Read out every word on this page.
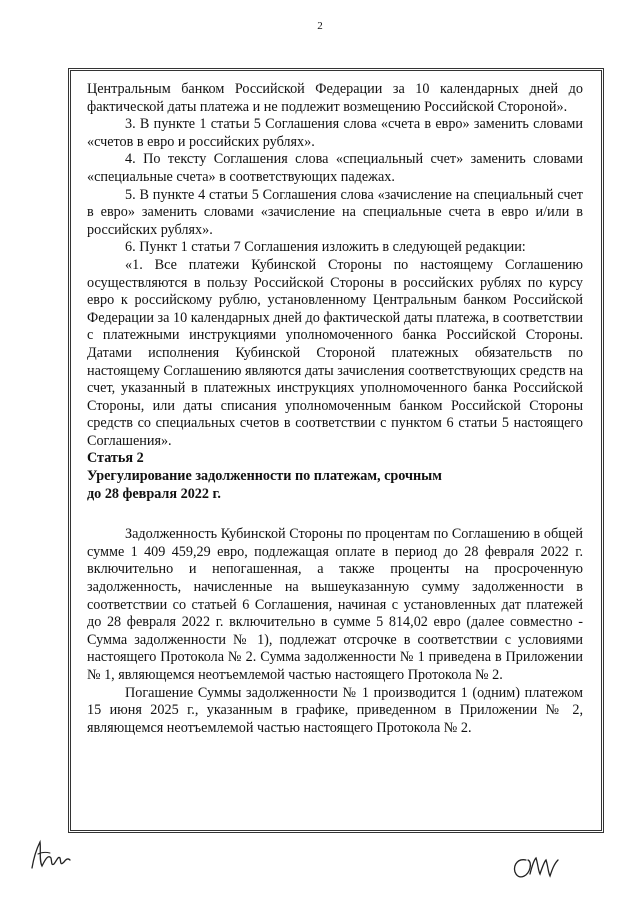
2

Центральным банком Российской Федерации за 10 календарных дней до фактической даты платежа и не подлежит возмещению Российской Стороной».

3. В пункте 1 статьи 5 Соглашения слова «счета в евро» заменить словами «счетов в евро и российских рублях».

4. По тексту Соглашения слова «специальный счет» заменить словами «специальные счета» в соответствующих падежах.

5. В пункте 4 статьи 5 Соглашения слова «зачисление на специальный счет в евро» заменить словами «зачисление на специальные счета в евро и/или в российских рублях».

6. Пункт 1 статьи 7 Соглашения изложить в следующей редакции:

«1. Все платежи Кубинской Стороны по настоящему Соглашению осуществляются в пользу Российской Стороны в российских рублях по курсу евро к российскому рублю, установленному Центральным банком Российской Федерации за 10 календарных дней до фактической даты платежа, в соответствии с платежными инструкциями уполномоченного банка Российской Стороны. Датами исполнения Кубинской Стороной платежных обязательств по настоящему Соглашению являются даты зачисления соответствующих средств на счет, указанный в платежных инструкциях уполномоченного банка Российской Стороны, или даты списания уполномоченным банком Российской Стороны средств со специальных счетов в соответствии с пунктом 6 статьи 5 настоящего Соглашения».

Статья 2

Урегулирование задолженности по платежам, срочным

до 28 февраля 2022 г.

Задолженность Кубинской Стороны по процентам по Соглашению в общей сумме 1 409 459,29 евро, подлежащая оплате в период до 28 февраля 2022 г. включительно и непогашенная, а также проценты на просроченную задолженность, начисленные на вышеуказанную сумму задолженности в соответствии со статьей 6 Соглашения, начиная с установленных дат платежей до 28 февраля 2022 г. включительно в сумме 5 814,02 евро (далее совместно - Сумма задолженности № 1), подлежат отсрочке в соответствии с условиями настоящего Протокола № 2. Сумма задолженности № 1 приведена в Приложении № 1, являющемся неотъемлемой частью настоящего Протокола № 2.

Погашение Суммы задолженности № 1 производится 1 (одним) платежом 15 июня 2025 г., указанным в графике, приведенном в Приложении № 2, являющемся неотъемлемой частью настоящего Протокола № 2.
